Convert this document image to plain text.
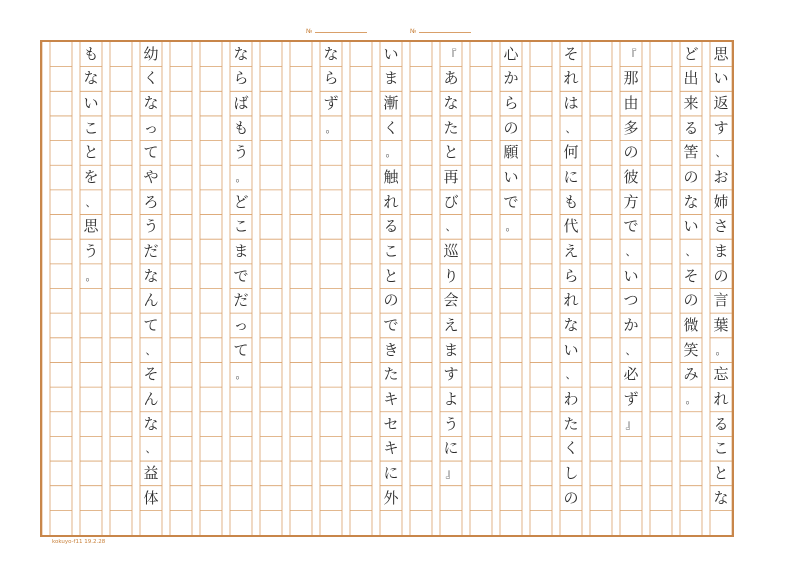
№	№
思
い
返
す
、
お
姉
さ
ま
の
言
葉
。
忘
れ
る
こ
と
な
ど
出
来
る
筈
の
な
い
、
そ
の
微
笑
み
。
『
那
由
多
の
彼
方
で
、
い
つ
か
、
必
ず
』
そ
れ
は
、
何
に
も
代
え
ら
れ
な
い
、
わ
た
く
し
の
心
か
ら
の
願
い
で
。
『
あ
な
た
と
再
び
、
巡
り
会
え
ま
す
よ
う
に
』
い
ま
漸
く
。
触
れ
る
こ
と
の
で
き
た
キ
セ
キ
に
外
な
ら
ず
。
な
ら
ば
も
う
。
ど
こ
ま
で
だ
っ
て
。
幼
く
な
っ
て
や
ろ
う
だ
な
ん
て
、
そ
ん
な
、
益
体
も
な
い
こ
と
を
、
思
う
。
kokuyo-f11 19.2.28
